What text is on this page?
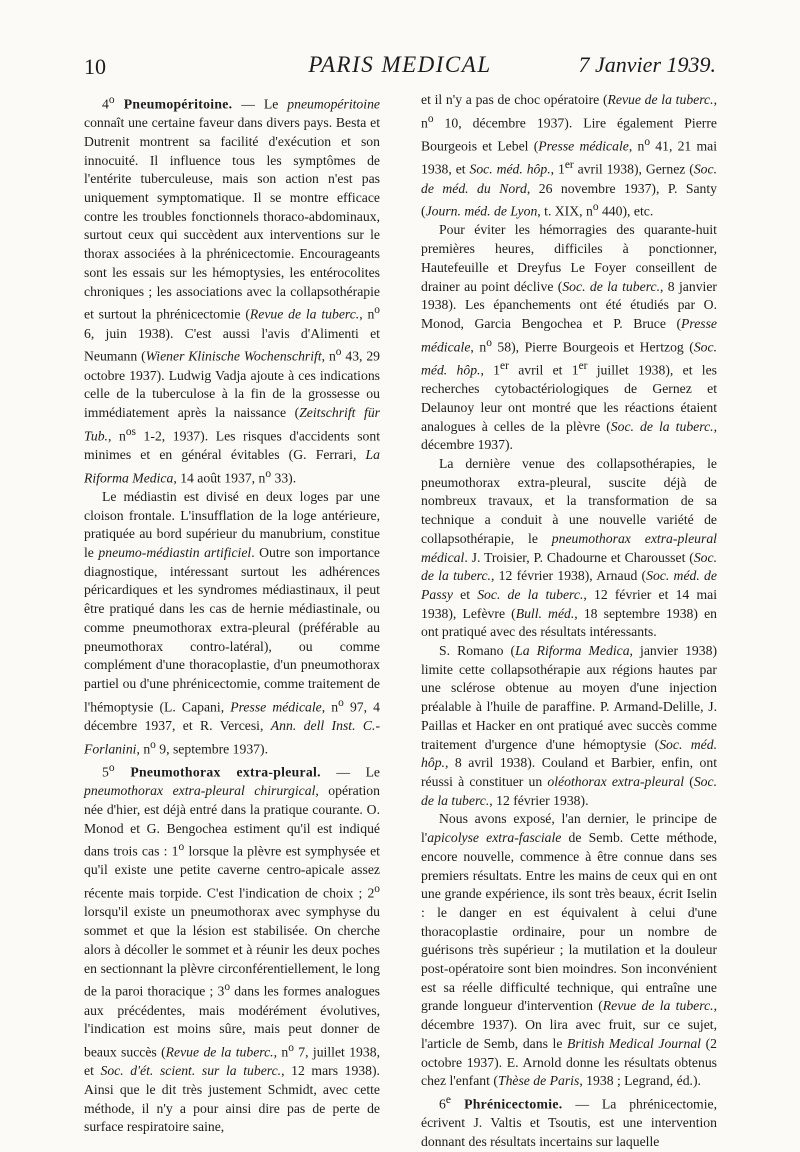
10	PARIS MEDICAL	7 Janvier 1939.

4$^o$ Pneumopéritoine. — Le pneumopéritoine connaît une certaine faveur dans divers pays. Besta et Dutrenit montrent sa facilité d'exécution et son innocuité. Il influence tous les symptômes de l'entérite tuberculeuse, mais son action n'est pas uniquement symptomatique. Il se montre efficace contre les troubles fonctionnels thoraco-abdominaux, surtout ceux qui succèdent aux interventions sur le thorax associées à la phrénicectomie. Encourageants sont les essais sur les hémoptysies, les entérocolites chroniques ; les associations avec la collapsothérapie et surtout la phrénicectomie (Revue de la tuberc., $n^o$ 6, juin 1938). C'est aussi l'avis d'Alimenti et Neumann (Wiener Klinische Wochenschrift, $n^o$ 43, 29 octobre 1937). Ludwig Vadja ajoute à ces indications celle de la tuberculose à la fin de la grossesse ou immédiatement après la naissance (Zeitschrift für Tub., $n^{os}$ 1-2, 1937). Les risques d'accidents sont minimes et en général évitables (G. Ferrari, La Riforma Medica, 14 août 1937, $n^o$ 33).

Le médiastin est divisé en deux loges par une cloison frontale. L'insufflation de la loge antérieure, pratiquée au bord supérieur du manubrium, constitue le pneumo-médiastin artificiel. Outre son importance diagnostique, intéressant surtout les adhérences péricardiques et les syndromes médiastinaux, il peut être pratiqué dans les cas de hernie médiastinale, ou comme pneumothorax extra-pleural (préférable au pneumothorax contro-latéral), ou comme complément d'une thoracoplastie, d'un pneumothorax partiel ou d'une phrénicectomie, comme traitement de l'hémoptysie (L. Capani, Presse médicale, $n^o$ 97, 4 décembre 1937, et R. Vercesi, Ann. dell Inst. C.-Forlanini, $n^o$ 9, septembre 1937).

5$^o$ Pneumothorax extra-pleural. — Le pneumothorax extra-pleural chirurgical, opération née d'hier, est déjà entré dans la pratique courante. O. Monod et G. Bengochea estiment qu'il est indiqué dans trois cas : 1$^o$ lorsque la plèvre est symphysée et qu'il existe une petite caverne centro-apicale assez récente mais torpide. C'est l'indication de choix ; 2$^o$ lorsqu'il existe un pneumothorax avec symphyse du sommet et que la lésion est stabilisée. On cherche alors à décoller le sommet et à réunir les deux poches en sectionnant la plèvre circonférentiellement, le long de la paroi thoracique ; 3$^o$ dans les formes analogues aux précédentes, mais modérément évolutives, l'indication est moins sûre, mais peut donner de beaux succès (Revue de la tuberc., $n^o$ 7, juillet 1938, et Soc. d'ét. scient. sur la tuberc., 12 mars 1938). Ainsi que le dit très justement Schmidt, avec cette méthode, il n'y a pour ainsi dire pas de perte de surface respiratoire saine,

et il n'y a pas de choc opératoire (Revue de la tuberc., $n^o$ 10, décembre 1937). Lire également Pierre Bourgeois et Lebel (Presse médicale, $n^o$ 41, 21 mai 1938, et Soc. méd. hôp., 1er avril 1938), Gernez (Soc. de méd. du Nord, 26 novembre 1937), P. Santy (Journ. méd. de Lyon, t. XIX, $n^o$ 440), etc.

Pour éviter les hémorragies des quarante-huit premières heures, difficiles à ponctionner, Hautefeuille et Dreyfus Le Foyer conseillent de drainer au point déclive (Soc. de la tuberc., 8 janvier 1938). Les épanchements ont été étudiés par O. Monod, Garcia Bengochea et P. Bruce (Presse médicale, $n^o$ 58), Pierre Bourgeois et Hertzog (Soc. méd. hôp., 1er avril et 1er juillet 1938), et les recherches cytobactériologiques de Gernez et Delaunoy leur ont montré que les réactions étaient analogues à celles de la plèvre (Soc. de la tuberc., décembre 1937).

La dernière venue des collapsothérapies, le pneumothorax extra-pleural, suscite déjà de nombreux travaux, et la transformation de sa technique a conduit à une nouvelle variété de collapsothérapie, le pneumothorax extra-pleural médical. J. Troisier, P. Chadourne et Charousset (Soc. de la tuberc., 12 février 1938), Arnaud (Soc. méd. de Passy et Soc. de la tuberc., 12 février et 14 mai 1938), Lefèvre (Bull. méd., 18 septembre 1938) en ont pratiqué avec des résultats intéressants.

S. Romano (La Riforma Medica, janvier 1938) limite cette collapsothérapie aux régions hautes par une sclérose obtenue au moyen d'une injection préalable à l'huile de paraffine. P. Armand-Delille, J. Paillas et Hacker en ont pratiqué avec succès comme traitement d'urgence d'une hémoptysie (Soc. méd. hôp., 8 avril 1938). Couland et Barbier, enfin, ont réussi à constituer un oléothorax extra-pleural (Soc. de la tuberc., 12 février 1938).

Nous avons exposé, l'an dernier, le principe de l'apicolyse extra-fasciale de Semb. Cette méthode, encore nouvelle, commence à être connue dans ses premiers résultats. Entre les mains de ceux qui en ont une grande expérience, ils sont très beaux, écrit Iselin : le danger en est équivalent à celui d'une thoracoplastie ordinaire, pour un nombre de guérisons très supérieur ; la mutilation et la douleur post-opératoire sont bien moindres. Son inconvénient est sa réelle difficulté technique, qui entraîne une grande longueur d'intervention (Revue de la tuberc., décembre 1937). On lira avec fruit, sur ce sujet, l'article de Semb, dans le British Medical Journal (2 octobre 1937). E. Arnold donne les résultats obtenus chez l'enfant (Thèse de Paris, 1938 ; Legrand, éd.).

6e Phrénicectomie. — La phrénicectomie, écrivent J. Valtis et Tsoutis, est une intervention donnant des résultats incertains sur laquelle
